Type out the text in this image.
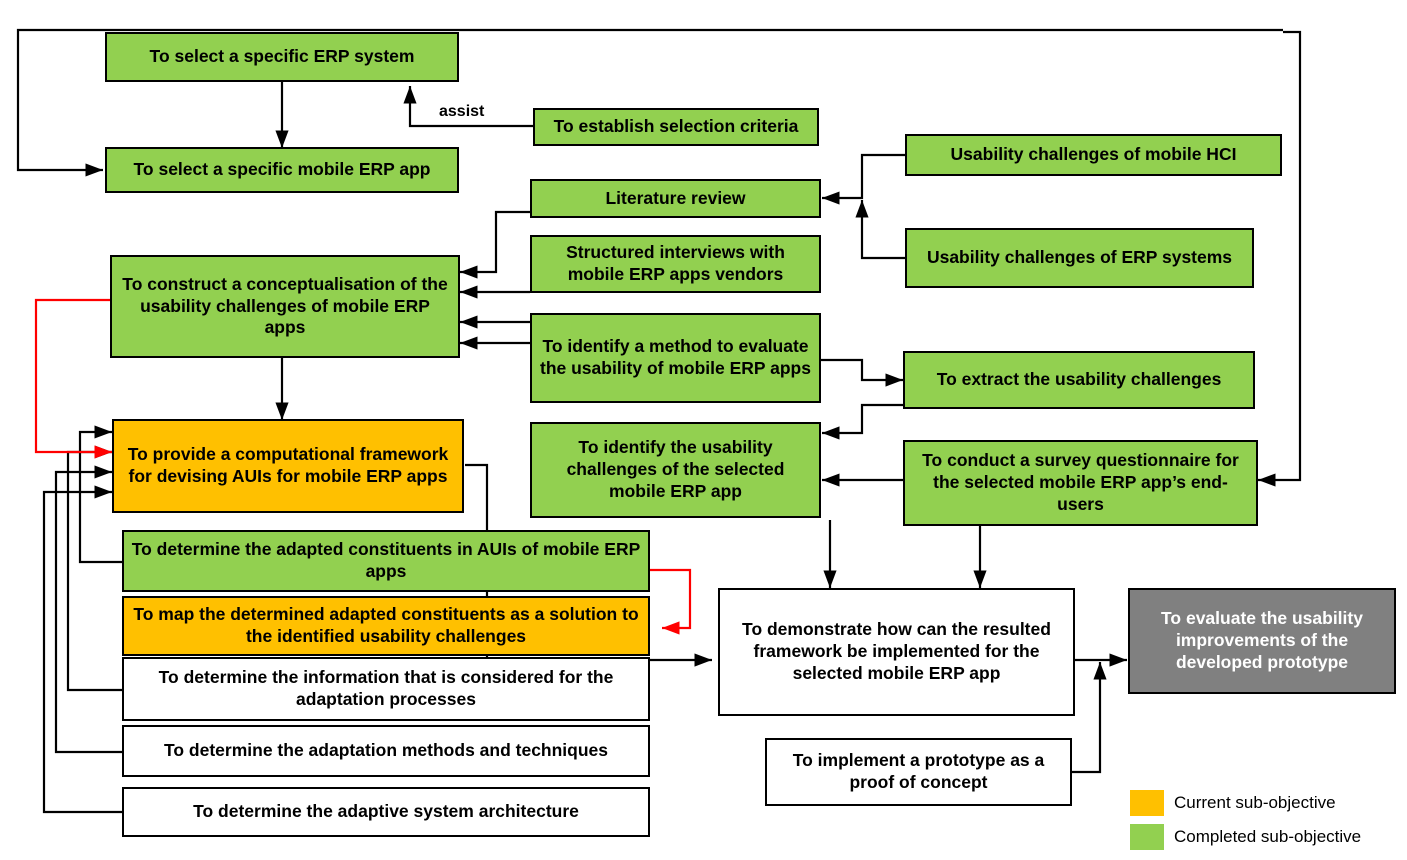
To select a specific ERP system
To establish selection criteria
assist
To select a specific mobile ERP app
Usability challenges of mobile HCI
Literature review
Usability challenges of ERP systems
Structured interviews with mobile ERP apps vendors
To construct a conceptualisation of the usability challenges of mobile ERP apps
To identify a method to evaluate the usability of mobile ERP apps
To extract the usability challenges
To provide a computational framework for devising AUIs for mobile ERP apps
To identify the usability challenges of the selected mobile ERP app
To conduct a survey questionnaire for the selected mobile ERP app’s end-users
To determine the adapted constituents in AUIs of mobile ERP apps
To map the determined adapted constituents as a solution to the identified usability challenges
To determine the information that is considered for the adaptation processes
To determine the adaptation methods and techniques
To determine the adaptive system architecture
To demonstrate how can the resulted framework be implemented for the selected mobile ERP app
To implement a prototype as a proof of concept
To evaluate the usability improvements of the developed prototype
Current sub-objective
Completed sub-objective
